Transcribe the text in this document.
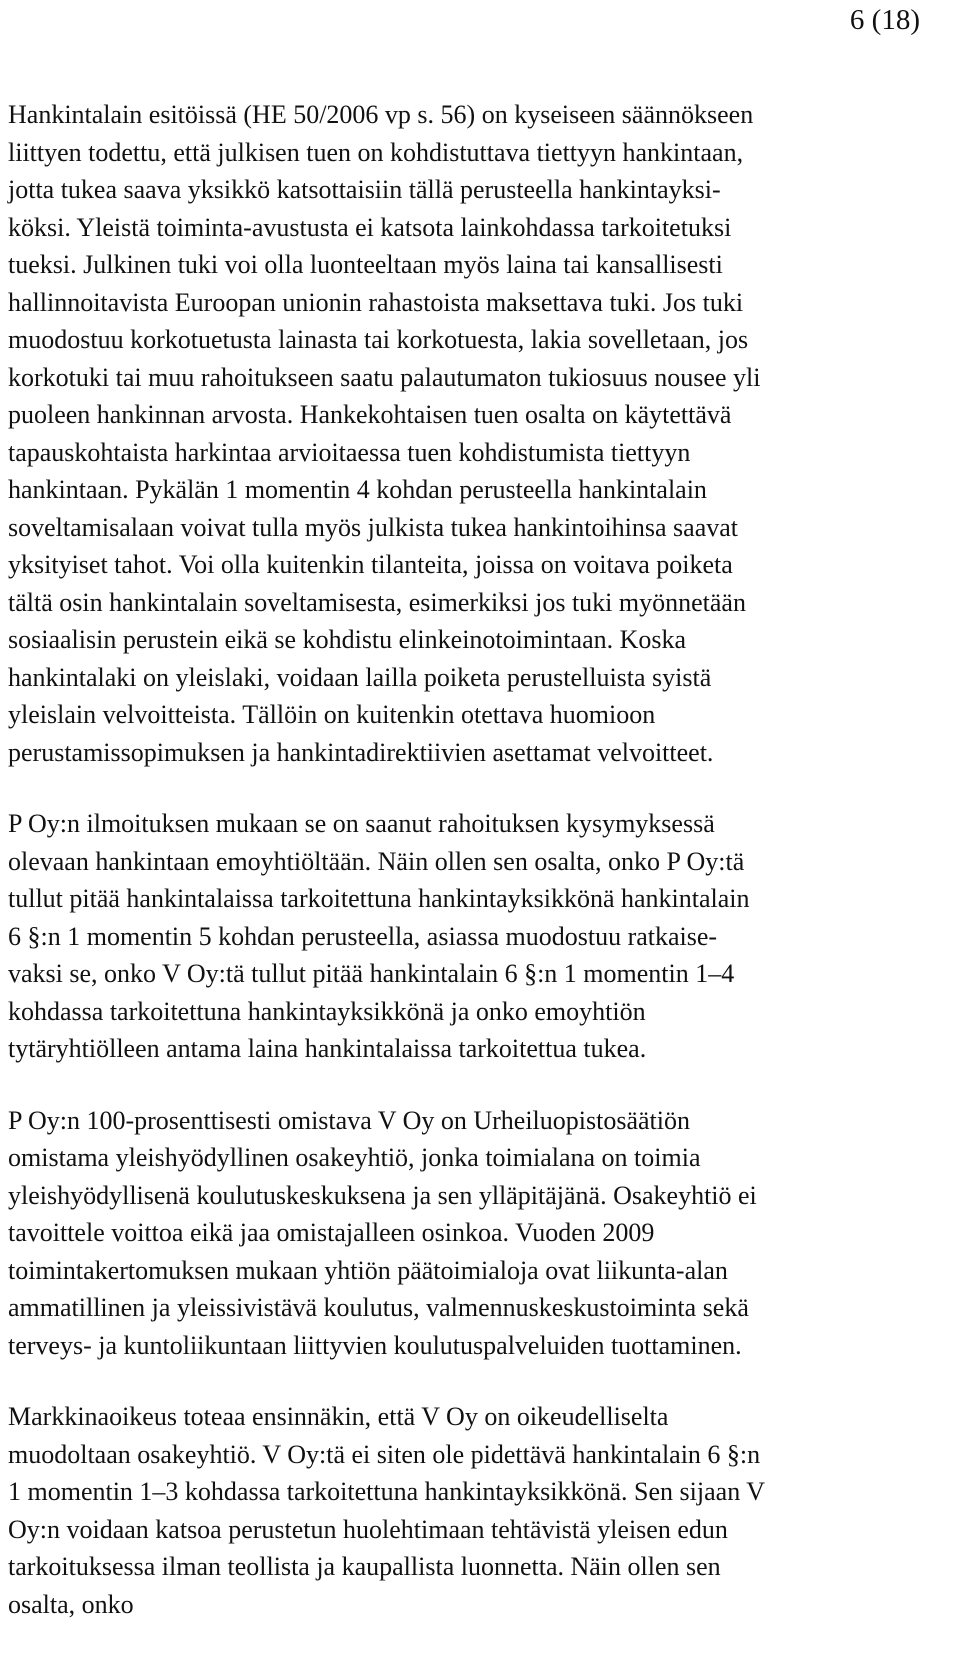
6 (18)

Hankintalain esitöissä (HE 50/2006 vp s. 56) on kyseiseen säännökseen
liittyen todettu, että julkisen tuen on kohdistuttava tiettyyn hankintaan,
jotta tukea saava yksikkö katsottaisiin tällä perusteella hankintayksi-
köksi. Yleistä toiminta-avustusta ei katsota lainkohdassa tarkoitetuksi
tueksi. Julkinen tuki voi olla luonteeltaan myös laina tai kansallisesti
hallinnoitavista Euroopan unionin rahastoista maksettava tuki. Jos tuki
muodostuu korkotuetusta lainasta tai korkotuesta, lakia sovelletaan, jos
korkotuki tai muu rahoitukseen saatu palautumaton tukiosuus nousee yli
puoleen hankinnan arvosta. Hankekohtaisen tuen osalta on käytettävä
tapauskohtaista harkintaa arvioitaessa tuen kohdistumista tiettyyn
hankintaan. Pykälän 1 momentin 4 kohdan perusteella hankintalain
soveltamisalaan voivat tulla myös julkista tukea hankintoihinsa saavat
yksityiset tahot. Voi olla kuitenkin tilanteita, joissa on voitava poiketa
tältä osin hankintalain soveltamisesta, esimerkiksi jos tuki myönnetään
sosiaalisin perustein eikä se kohdistu elinkeinotoimintaan. Koska
hankintalaki on yleislaki, voidaan lailla poiketa perustelluista syistä
yleislain velvoitteista. Tällöin on kuitenkin otettava huomioon
perustamissopimuksen ja hankintadirektiivien asettamat velvoitteet.

P Oy:n ilmoituksen mukaan se on saanut rahoituksen kysymyksessä
olevaan hankintaan emoyhtiöltään. Näin ollen sen osalta, onko P Oy:tä
tullut pitää hankintalaissa tarkoitettuna hankintayksikkönä hankintalain
6 §:n 1 momentin 5 kohdan perusteella, asiassa muodostuu ratkaise-
vaksi se, onko V Oy:tä tullut pitää hankintalain 6 §:n 1 momentin 1–4
kohdassa tarkoitettuna hankintayksikkönä ja onko emoyhtiön
tytäryhtiölleen antama laina hankintalaissa tarkoitettua tukea.

P Oy:n 100-prosenttisesti omistava V Oy on Urheiluopistosäätiön
omistama yleishyödyllinen osakeyhtiö, jonka toimialana on toimia
yleishyödyllisenä koulutuskeskuksena ja sen ylläpitäjänä. Osakeyhtiö ei
tavoittele voittoa eikä jaa omistajalleen osinkoa. Vuoden 2009
toimintakertomuksen mukaan yhtiön päätoimialoja ovat liikunta-alan
ammatillinen ja yleissivistävä koulutus, valmennuskeskustoiminta sekä
terveys- ja kuntoliikuntaan liittyvien koulutuspalveluiden tuottaminen.

Markkinaoikeus toteaa ensinnäkin, että V Oy on oikeudelliselta
muodoltaan osakeyhtiö. V Oy:tä ei siten ole pidettävä hankintalain 6 §:n
1 momentin 1–3 kohdassa tarkoitettuna hankintayksikkönä. Sen sijaan V
Oy:n voidaan katsoa perustetun huolehtimaan tehtävistä yleisen edun
tarkoituksessa ilman teollista ja kaupallista luonnetta. Näin ollen sen
osalta, onko
